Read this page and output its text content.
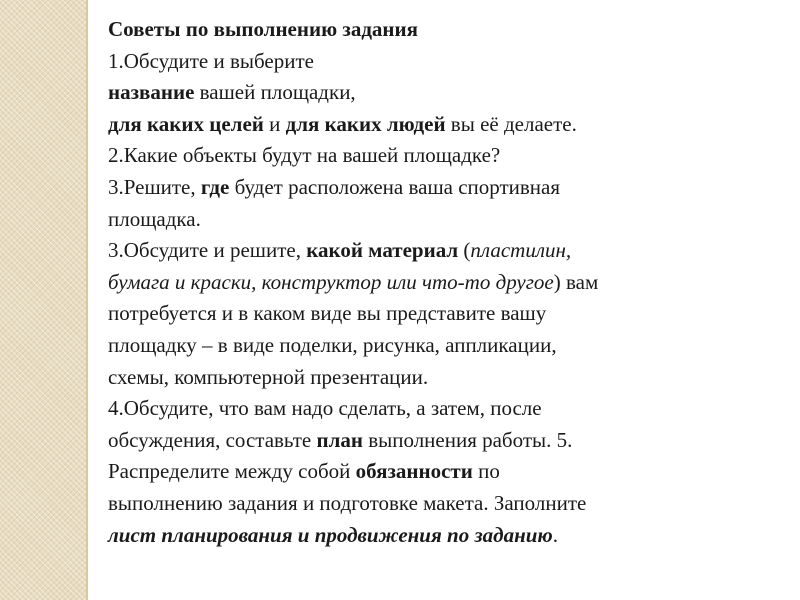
Советы по выполнению задания
1.Обсудите и выберите
название вашей площадки,
для каких целей и для каких людей вы её делаете.
2.Какие объекты будут на вашей площадке?
3.Решите, где будет расположена ваша спортивная
площадка.
3.Обсудите и решите, какой материал (пластилин,
бумага и краски, конструктор или что-то другое) вам
потребуется и в каком виде вы представите вашу
площадку – в виде поделки, рисунка, аппликации,
схемы, компьютерной презентации.
4.Обсудите, что вам надо сделать, а затем, после
обсуждения, составьте план выполнения работы. 5.
Распределите между собой обязанности по
выполнению задания и подготовке макета. Заполните
лист планирования и продвижения по заданию.
